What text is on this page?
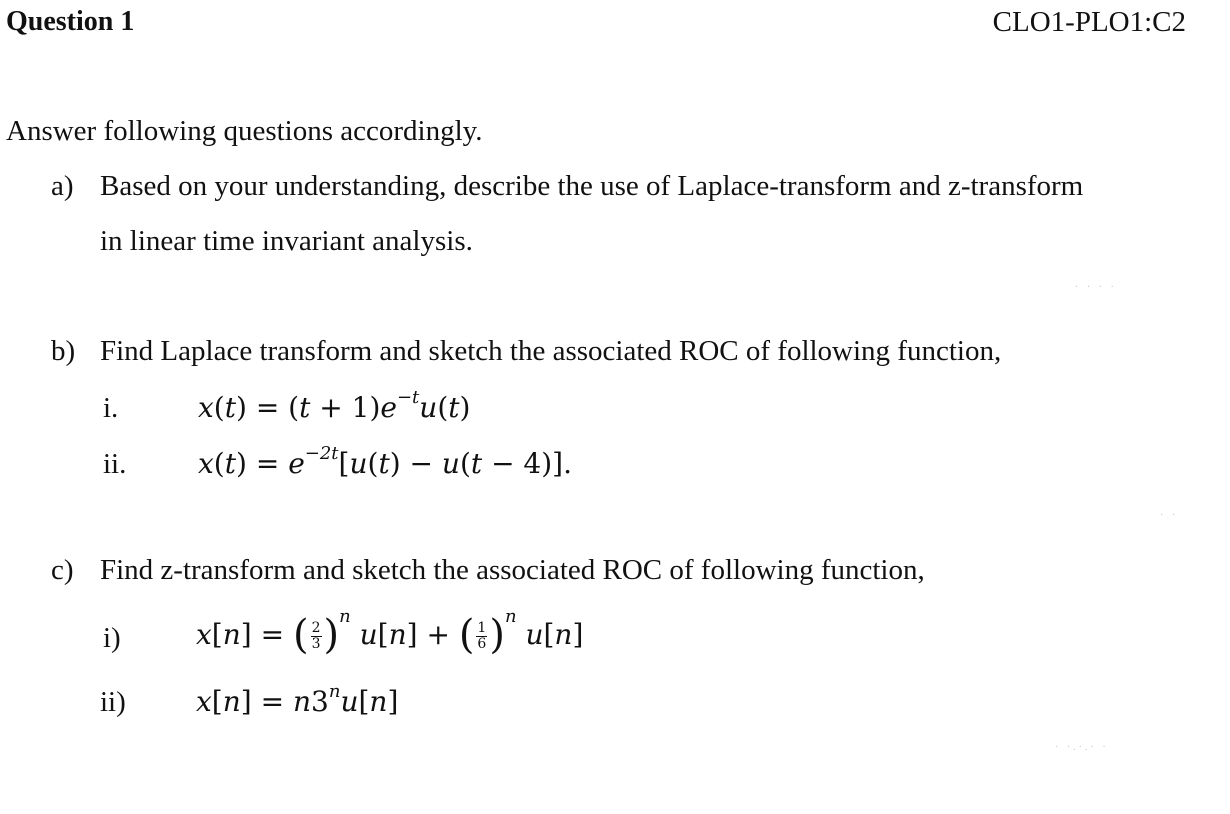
Question 1	CLO1-PLO1:C2
Answer following questions accordingly.
a) Based on your understanding, describe the use of Laplace-transform and z-transform
in linear time invariant analysis.
· · · ·
b) Find Laplace transform and sketch the associated ROC of following function,
i.	$x(t) = (t + 1)e^{-t}u(t)$
ii.	$x(t) = e^{-2t}[u(t) - u(t - 4)]$.
· ·
c) Find z-transform and sketch the associated ROC of following function,
i)	x[n] = ( $\frac{2}{3} )^n$ u[n] + ( $\frac{1}{6} )^n$ u[n]
ii)	$x[n] = n3^nu[n]$
· ·.·.· ·
